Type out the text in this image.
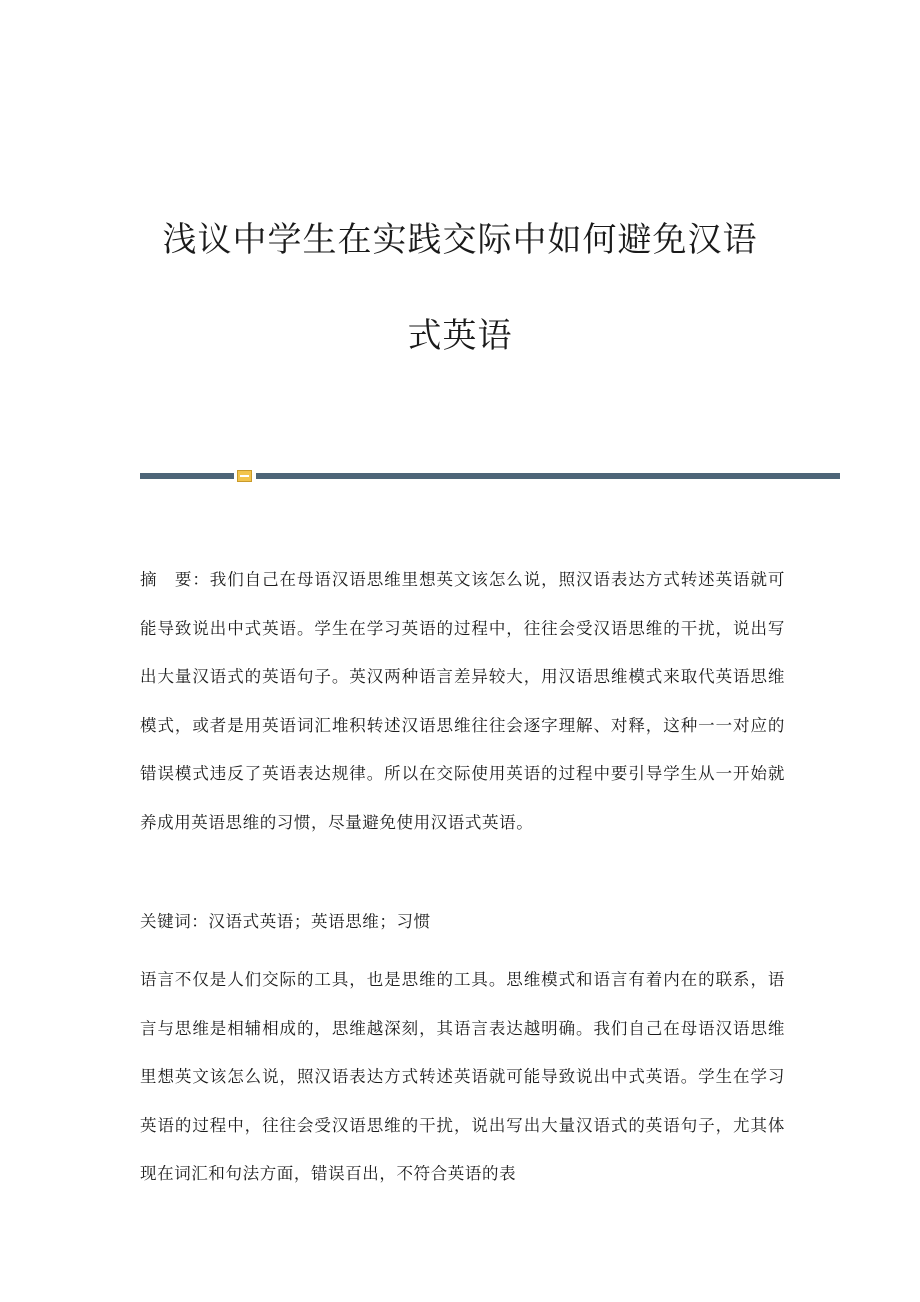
浅议中学生在实践交际中如何避免汉语
式英语

摘　要：我们自己在母语汉语思维里想英文该怎么说，照汉语表达方式转述英语就可能导致说出中式英语。学生在学习英语的过程中，往往会受汉语思维的干扰，说出写出大量汉语式的英语句子。英汉两种语言差异较大，用汉语思维模式来取代英语思维模式，或者是用英语词汇堆积转述汉语思维往往会逐字理解、对释，这种一一对应的错误模式违反了英语表达规律。所以在交际使用英语的过程中要引导学生从一开始就养成用英语思维的习惯，尽量避免使用汉语式英语。

关键词：汉语式英语；英语思维；习惯

语言不仅是人们交际的工具，也是思维的工具。思维模式和语言有着内在的联系，语言与思维是相辅相成的，思维越深刻，其语言表达越明确。我们自己在母语汉语思维里想英文该怎么说，照汉语表达方式转述英语就可能导致说出中式英语。学生在学习英语的过程中，往往会受汉语思维的干扰，说出写出大量汉语式的英语句子，尤其体现在词汇和句法方面，错误百出，不符合英语的表
